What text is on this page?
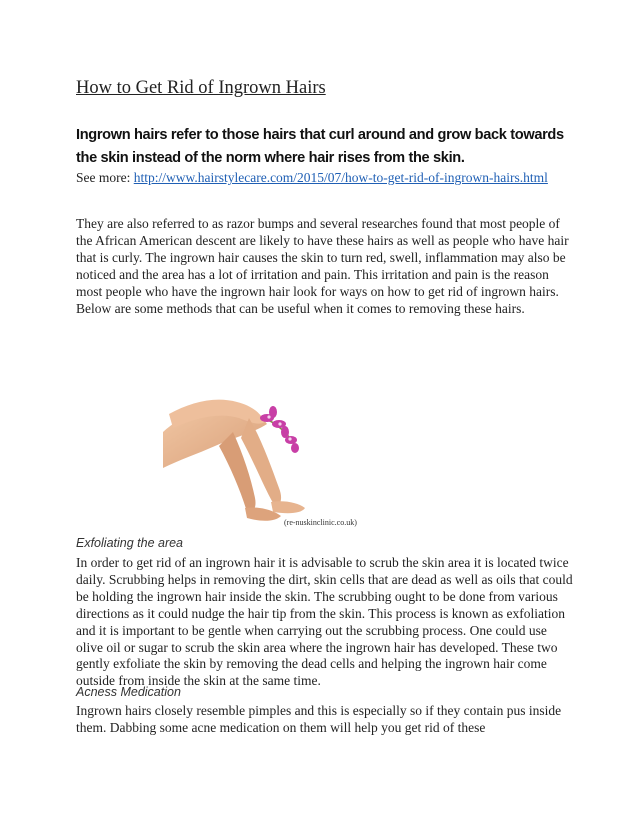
How to Get Rid of Ingrown Hairs
Ingrown hairs refer to those hairs that curl around and grow back towards the skin instead of the norm where hair rises from the skin.
See more: http://www.hairstylecare.com/2015/07/how-to-get-rid-of-ingrown-hairs.html
They are also referred to as razor bumps and several researches found that most people of the African American descent are likely to have these hairs as well as people who have hair that is curly. The ingrown hair causes the skin to turn red, swell, inflammation may also be noticed and the area has a lot of irritation and pain. This irritation and pain is the reason most people who have the ingrown hair look for ways on how to get rid of ingrown hairs. Below are some methods that can be useful when it comes to removing these hairs.
(re-nuskinclinic.co.uk)
Exfoliating the area
In order to get rid of an ingrown hair it is advisable to scrub the skin area it is located twice daily. Scrubbing helps in removing the dirt, skin cells that are dead as well as oils that could be holding the ingrown hair inside the skin. The scrubbing ought to be done from various directions as it could nudge the hair tip from the skin. This process is known as exfoliation and it is important to be gentle when carrying out the scrubbing process. One could use olive oil or sugar to scrub the skin area where the ingrown hair has developed. These two gently exfoliate the skin by removing the dead cells and helping the ingrown hair come outside from inside the skin at the same time.
Acness Medication
Ingrown hairs closely resemble pimples and this is especially so if they contain pus inside them. Dabbing some acne medication on them will help you get rid of these
